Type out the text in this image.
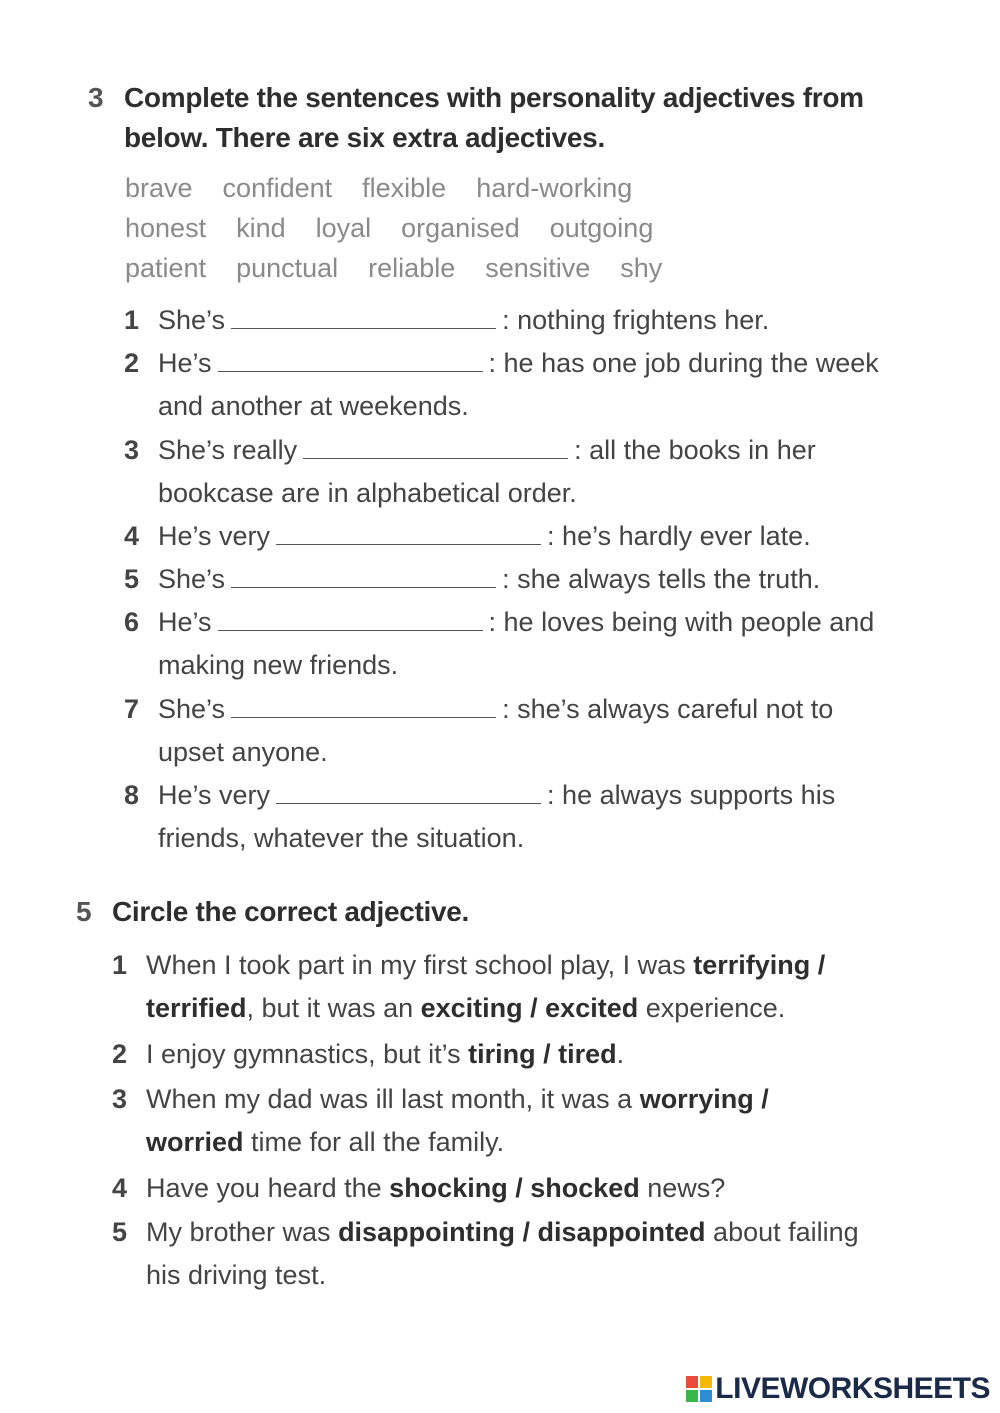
3 Complete the sentences with personality adjectives from
below. There are six extra adjectives.
brave confident flexible hard-working
honest kind loyal organised outgoing
patient punctual reliable sensitive shy
1 She’s	: nothing frightens her.
2 He’s	: he has one job during the week
and another at weekends.
3 She’s really	: all the books in her
bookcase are in alphabetical order.
4 He’s very	: he’s hardly ever late.
5 She’s	: she always tells the truth.
6 He’s	: he loves being with people and
making new friends.
7 She’s	: she’s always careful not to
upset anyone.
8 He’s very	: he always supports his
friends, whatever the situation.
5 Circle the correct adjective.
1 When I took part in my first school play, I was terrifying /
terrified, but it was an exciting / excited experience.
2 I enjoy gymnastics, but it’s tiring / tired.
3 When my dad was ill last month, it was a worrying /
worried time for all the family.
4 Have you heard the shocking / shocked news?
5 My brother was disappointing / disappointed about failing
his driving test.
LIVEWORKSHEETS
